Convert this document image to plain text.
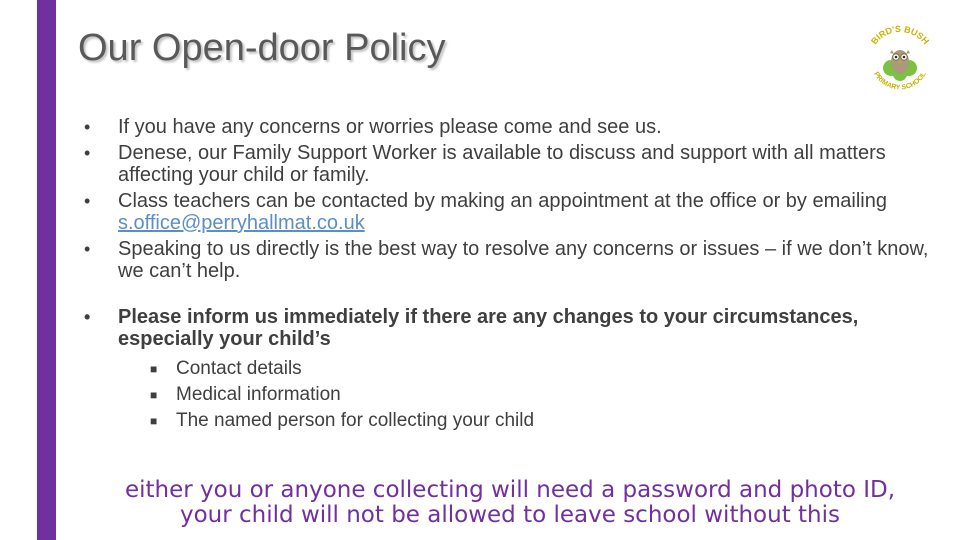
Our Open-door Policy	BIRD'S BUSH
PRIMARY SCHOOL
• If you have any concerns or worries please come and see us.
• Denese, our Family Support Worker is available to discuss and support with all matters affecting your child or family.
• Class teachers can be contacted by making an appointment at the office or by emailing s.office@perryhallmat.co.uk
• Speaking to us directly is the best way to resolve any concerns or issues – if we don’t know, we can’t help.
• Please inform us immediately if there are any changes to your circumstances, especially your child’s
■ Contact details
■ Medical information
■ The named person for collecting your child
either you or anyone collecting will need a password and photo ID,
your child will not be allowed to leave school without this
